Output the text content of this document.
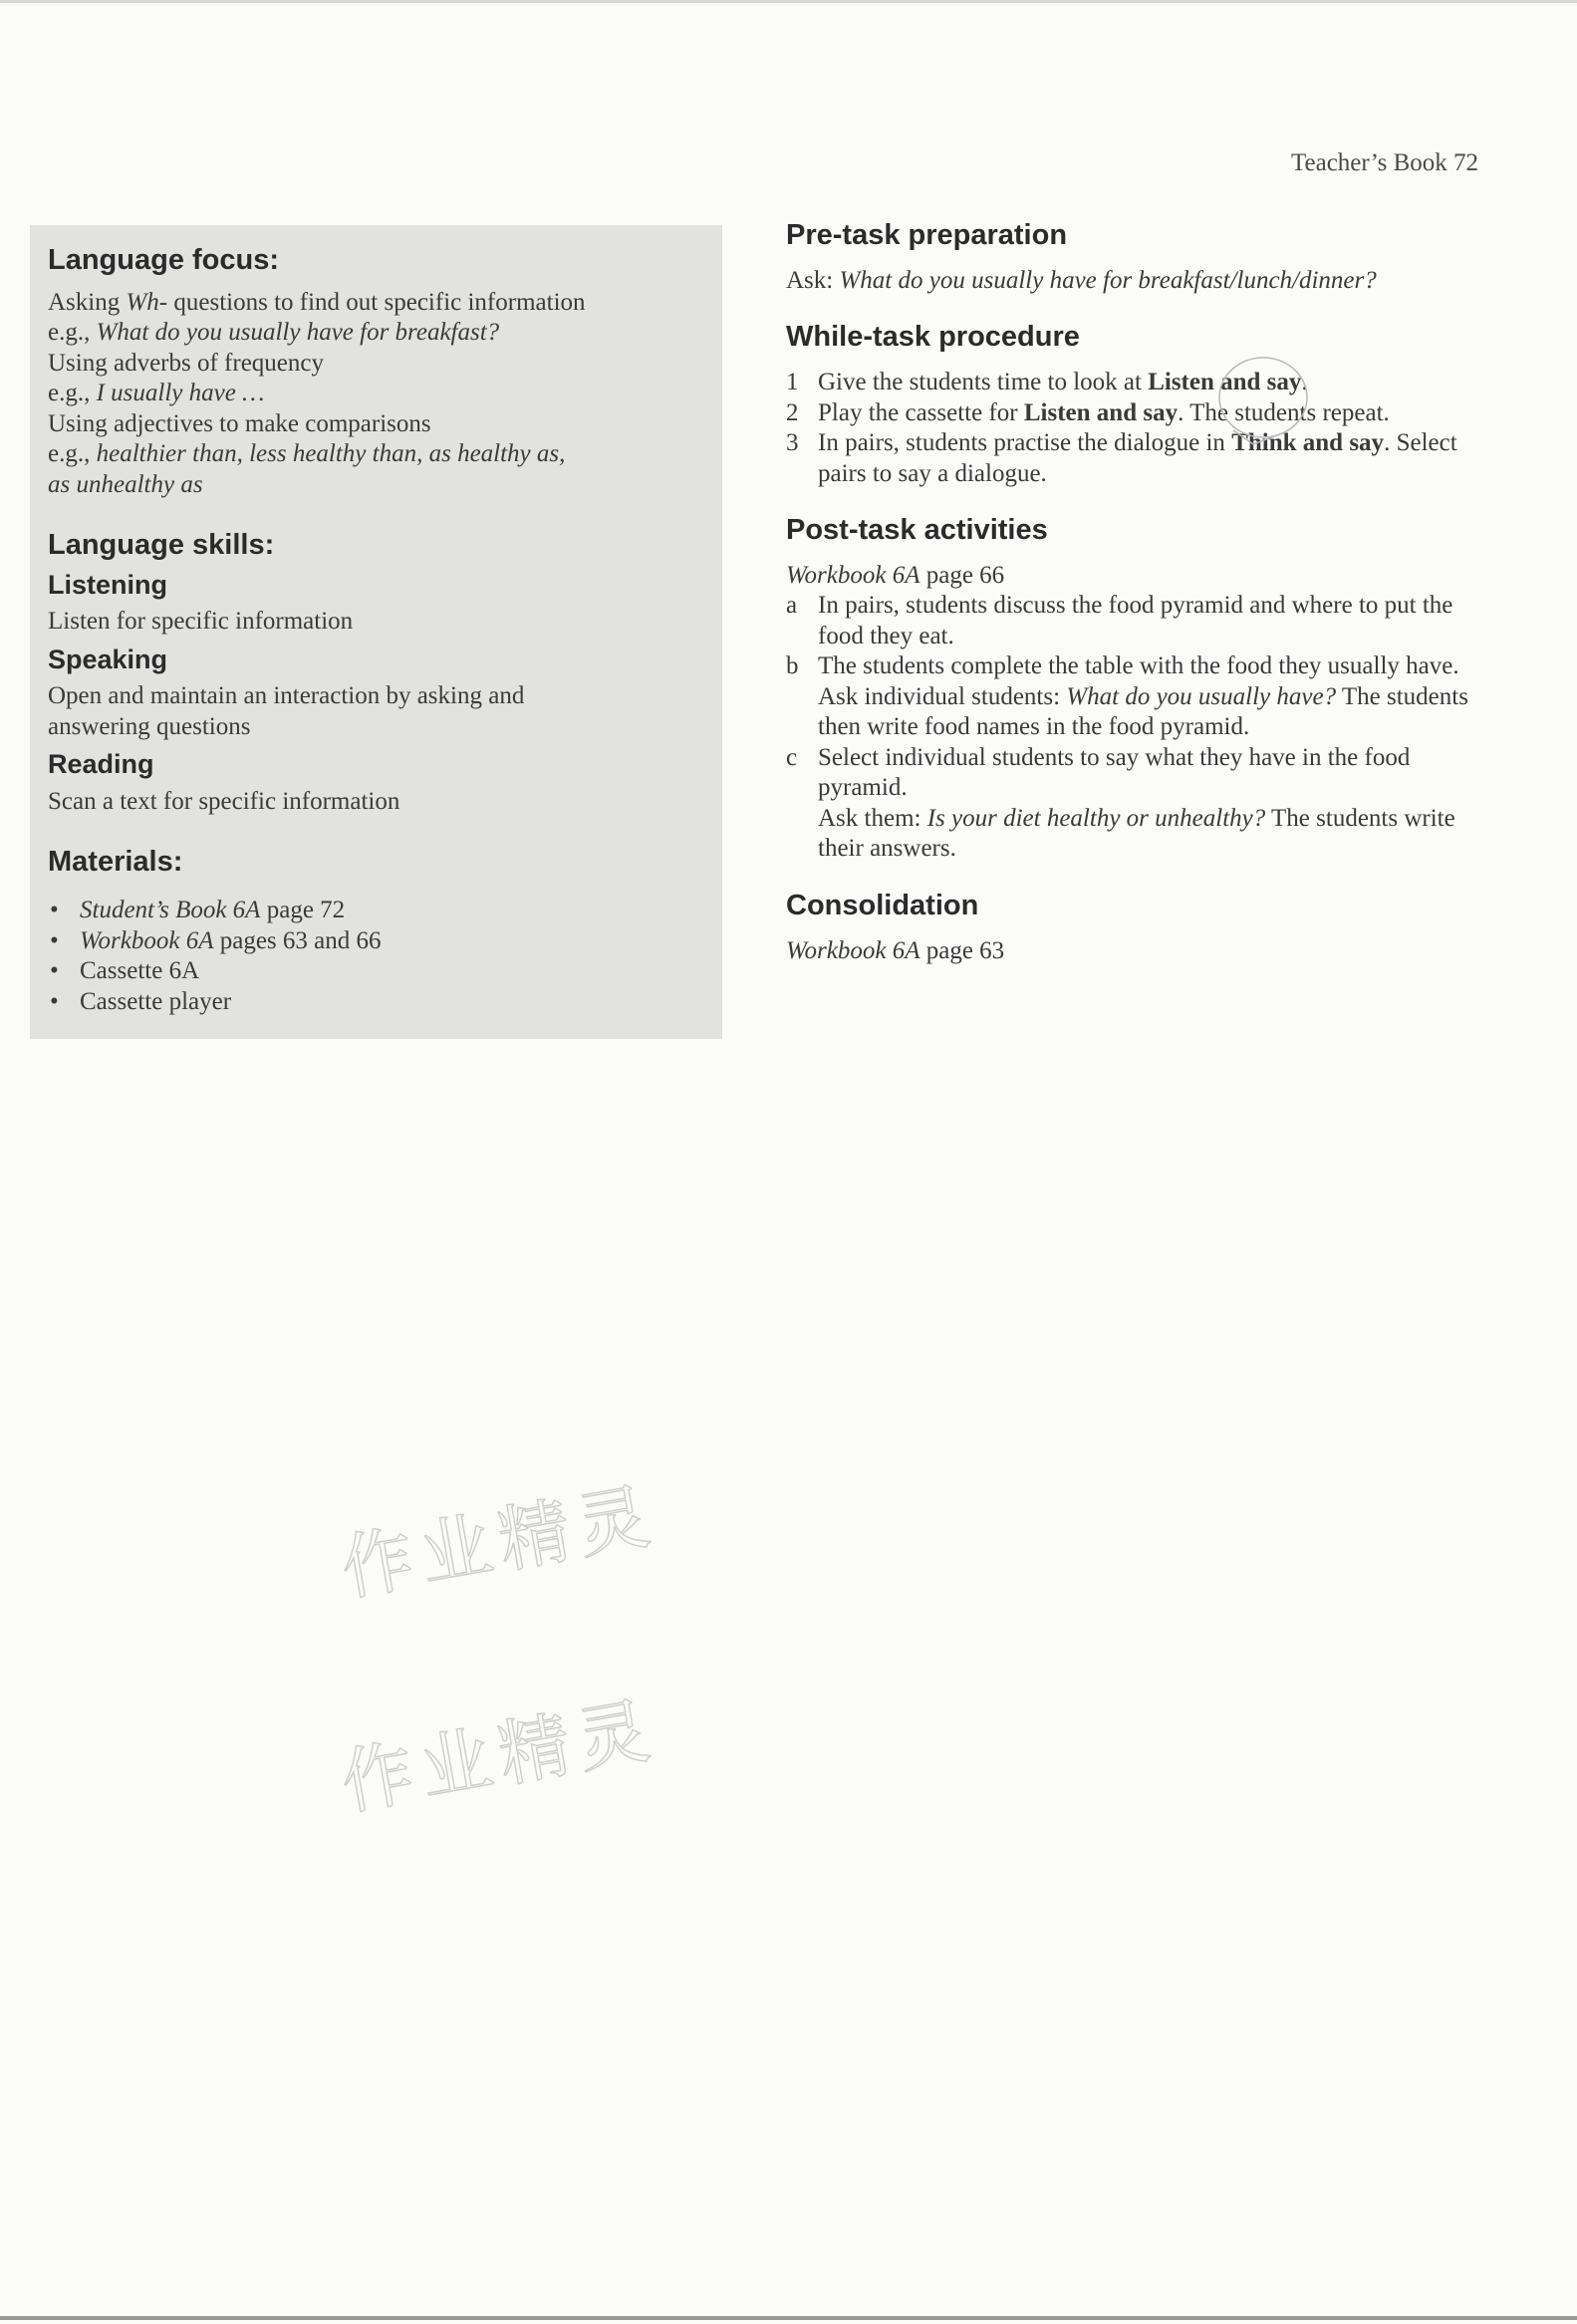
Teacher’s Book 72
Language focus:

Asking Wh- questions to find out specific information

e.g., What do you usually have for breakfast?

Using adverbs of frequency

e.g., I usually have …

Using adjectives to make comparisons

e.g., healthier than, less healthy than, as healthy as,

as unhealthy as

Language skills:
Listening

Listen for specific information

Speaking

Open and maintain an interaction by asking and

answering questions

Reading

Scan a text for specific information

Materials:
• Student’s Book 6A page 72
• Workbook 6A pages 63 and 66
• Cassette 6A
• Cassette player
Pre-task preparation

Ask: What do you usually have for breakfast/lunch/dinner?

While-task procedure
1 Give the students time to look at Listen and say.
2 Play the cassette for Listen and say. The students repeat.
3 In pairs, students practise the dialogue in Think and say. Select pairs to say a dialogue.
Post-task activities

Workbook 6A page 66

a In pairs, students discuss the food pyramid and where to put the food they eat.
b The students complete the table with the food they usually have. Ask individual students: What do you usually have? The students then write food names in the food pyramid.
c Select individual students to say what they have in the food pyramid.
Ask them: Is your diet healthy or unhealthy? The students write their answers.
Consolidation

Workbook 6A page 63

作业精灵
作业精灵
